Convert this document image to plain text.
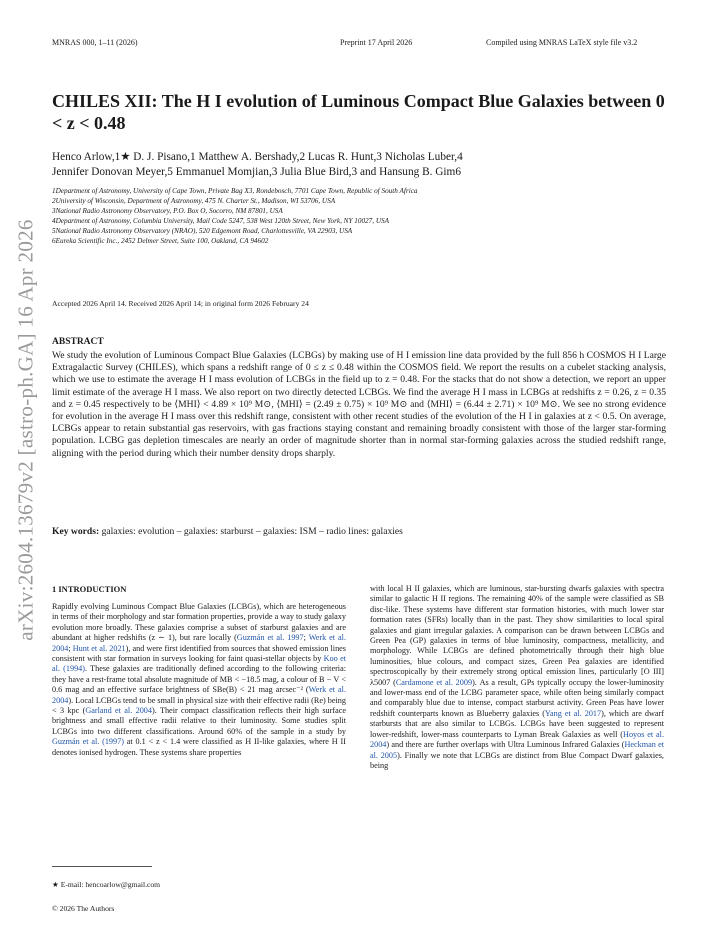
MNRAS 000, 1–11 (2026)	Preprint 17 April 2026	Compiled using MNRAS LaTeX style file v3.2
arXiv:2604.13679v2 [astro-ph.GA] 16 Apr 2026
CHILES XII: The H I evolution of Luminous Compact Blue Galaxies between 0 < z < 0.48
Henco Arlow,1★ D. J. Pisano,1 Matthew A. Bershady,2 Lucas R. Hunt,3 Nicholas Luber,4
Jennifer Donovan Meyer,5 Emmanuel Momjian,3 Julia Blue Bird,3 and Hansung B. Gim6
1Department of Astronomy, University of Cape Town, Private Bag X3, Rondebosch, 7701 Cape Town, Republic of South Africa
2University of Wisconsin, Department of Astronomy, 475 N. Charter St., Madison, WI 53706, USA
3National Radio Astronomy Observatory, P.O. Box O, Socorro, NM 87801, USA
4Department of Astronomy, Columbia University, Mail Code 5247, 538 West 120th Street, New York, NY 10027, USA
5National Radio Astronomy Observatory (NRAO), 520 Edgemont Road, Charlottesville, VA 22903, USA
6Eureka Scientific Inc., 2452 Delmer Street, Suite 100, Oakland, CA 94602
Accepted 2026 April 14. Received 2026 April 14; in original form 2026 February 24
ABSTRACT
We study the evolution of Luminous Compact Blue Galaxies (LCBGs) by making use of H I emission line data provided by the full 856 h COSMOS H I Large Extragalactic Survey (CHILES), which spans a redshift range of 0 ≤ z ≤ 0.48 within the COSMOS field. We report the results on a cubelet stacking analysis, which we use to estimate the average H I mass evolution of LCBGs in the field up to z = 0.48. For the stacks that do not show a detection, we report an upper limit estimate of the average H I mass. We also report on two directly detected LCBGs. We find the average H I mass in LCBGs at redshifts z = 0.26, z = 0.35 and z = 0.45 respectively to be ⟨MHI⟩ < 4.89 × 10⁹ M⊙, ⟨MHI⟩ = (2.49 ± 0.75) × 10⁹ M⊙ and ⟨MHI⟩ = (6.44 ± 2.71) × 10⁹ M⊙. We see no strong evidence for evolution in the average H I mass over this redshift range, consistent with other recent studies of the evolution of the H I in galaxies at z < 0.5. On average, LCBGs appear to retain substantial gas reservoirs, with gas fractions staying constant and remaining broadly consistent with those of the larger star-forming population. LCBG gas depletion timescales are nearly an order of magnitude shorter than in normal star-forming galaxies across the studied redshift range, aligning with the period during which their number density drops sharply.
Key words: galaxies: evolution – galaxies: starburst – galaxies: ISM – radio lines: galaxies
1 INTRODUCTION
Rapidly evolving Luminous Compact Blue Galaxies (LCBGs), which are heterogeneous in terms of their morphology and star formation properties, provide a way to study galaxy evolution more broadly. These galaxies comprise a subset of starburst galaxies and are abundant at higher redshifts (z ∼ 1), but rare locally (Guzmán et al. 1997; Werk et al. 2004; Hunt et al. 2021), and were first identified from sources that showed emission lines consistent with star formation in surveys looking for faint quasi-stellar objects by Koo et al. (1994). These galaxies are traditionally defined according to the following criteria: they have a rest-frame total absolute magnitude of MB < −18.5 mag, a colour of B − V < 0.6 mag and an effective surface brightness of SBe(B) < 21 mag arcsec⁻² (Werk et al. 2004). Local LCBGs tend to be small in physical size with their effective radii (Re) being < 3 kpc (Garland et al. 2004). Their compact classification reflects their high surface brightness and small effective radii relative to their luminosity. Some studies split LCBGs into two different classifications. Around 60% of the sample in a study by Guzmán et al. (1997) at 0.1 < z < 1.4 were classified as H II-like galaxies, where H II denotes ionised hydrogen. These systems share properties
with local H II galaxies, which are luminous, star-bursting dwarfs galaxies with spectra similar to galactic H II regions. The remaining 40% of the sample were classified as SB disc-like. These systems have different star formation histories, with much lower star formation rates (SFRs) locally than in the past. They show similarities to local spiral galaxies and giant irregular galaxies. A comparison can be drawn between LCBGs and Green Pea (GP) galaxies in terms of blue luminosity, compactness, metallicity, and morphology. While LCBGs are defined photometrically through their high blue luminosities, blue colours, and compact sizes, Green Pea galaxies are identified spectroscopically by their extremely strong optical emission lines, particularly [O III] λ5007 (Cardamone et al. 2009). As a result, GPs typically occupy the lower-luminosity and lower-mass end of the LCBG parameter space, while often being similarly compact and comparably blue due to intense, compact starburst activity. Green Peas have lower redshift counterparts known as Blueberry galaxies (Yang et al. 2017), which are dwarf starbursts that are also similar to LCBGs. LCBGs have been suggested to represent lower-redshift, lower-mass counterparts to Lyman Break Galaxies as well (Hoyos et al. 2004) and there are further overlaps with Ultra Luminous Infrared Galaxies (Heckman et al. 2005). Finally we note that LCBGs are distinct from Blue Compact Dwarf galaxies, being
★ E-mail: hencoarlow@gmail.com
© 2026 The Authors
